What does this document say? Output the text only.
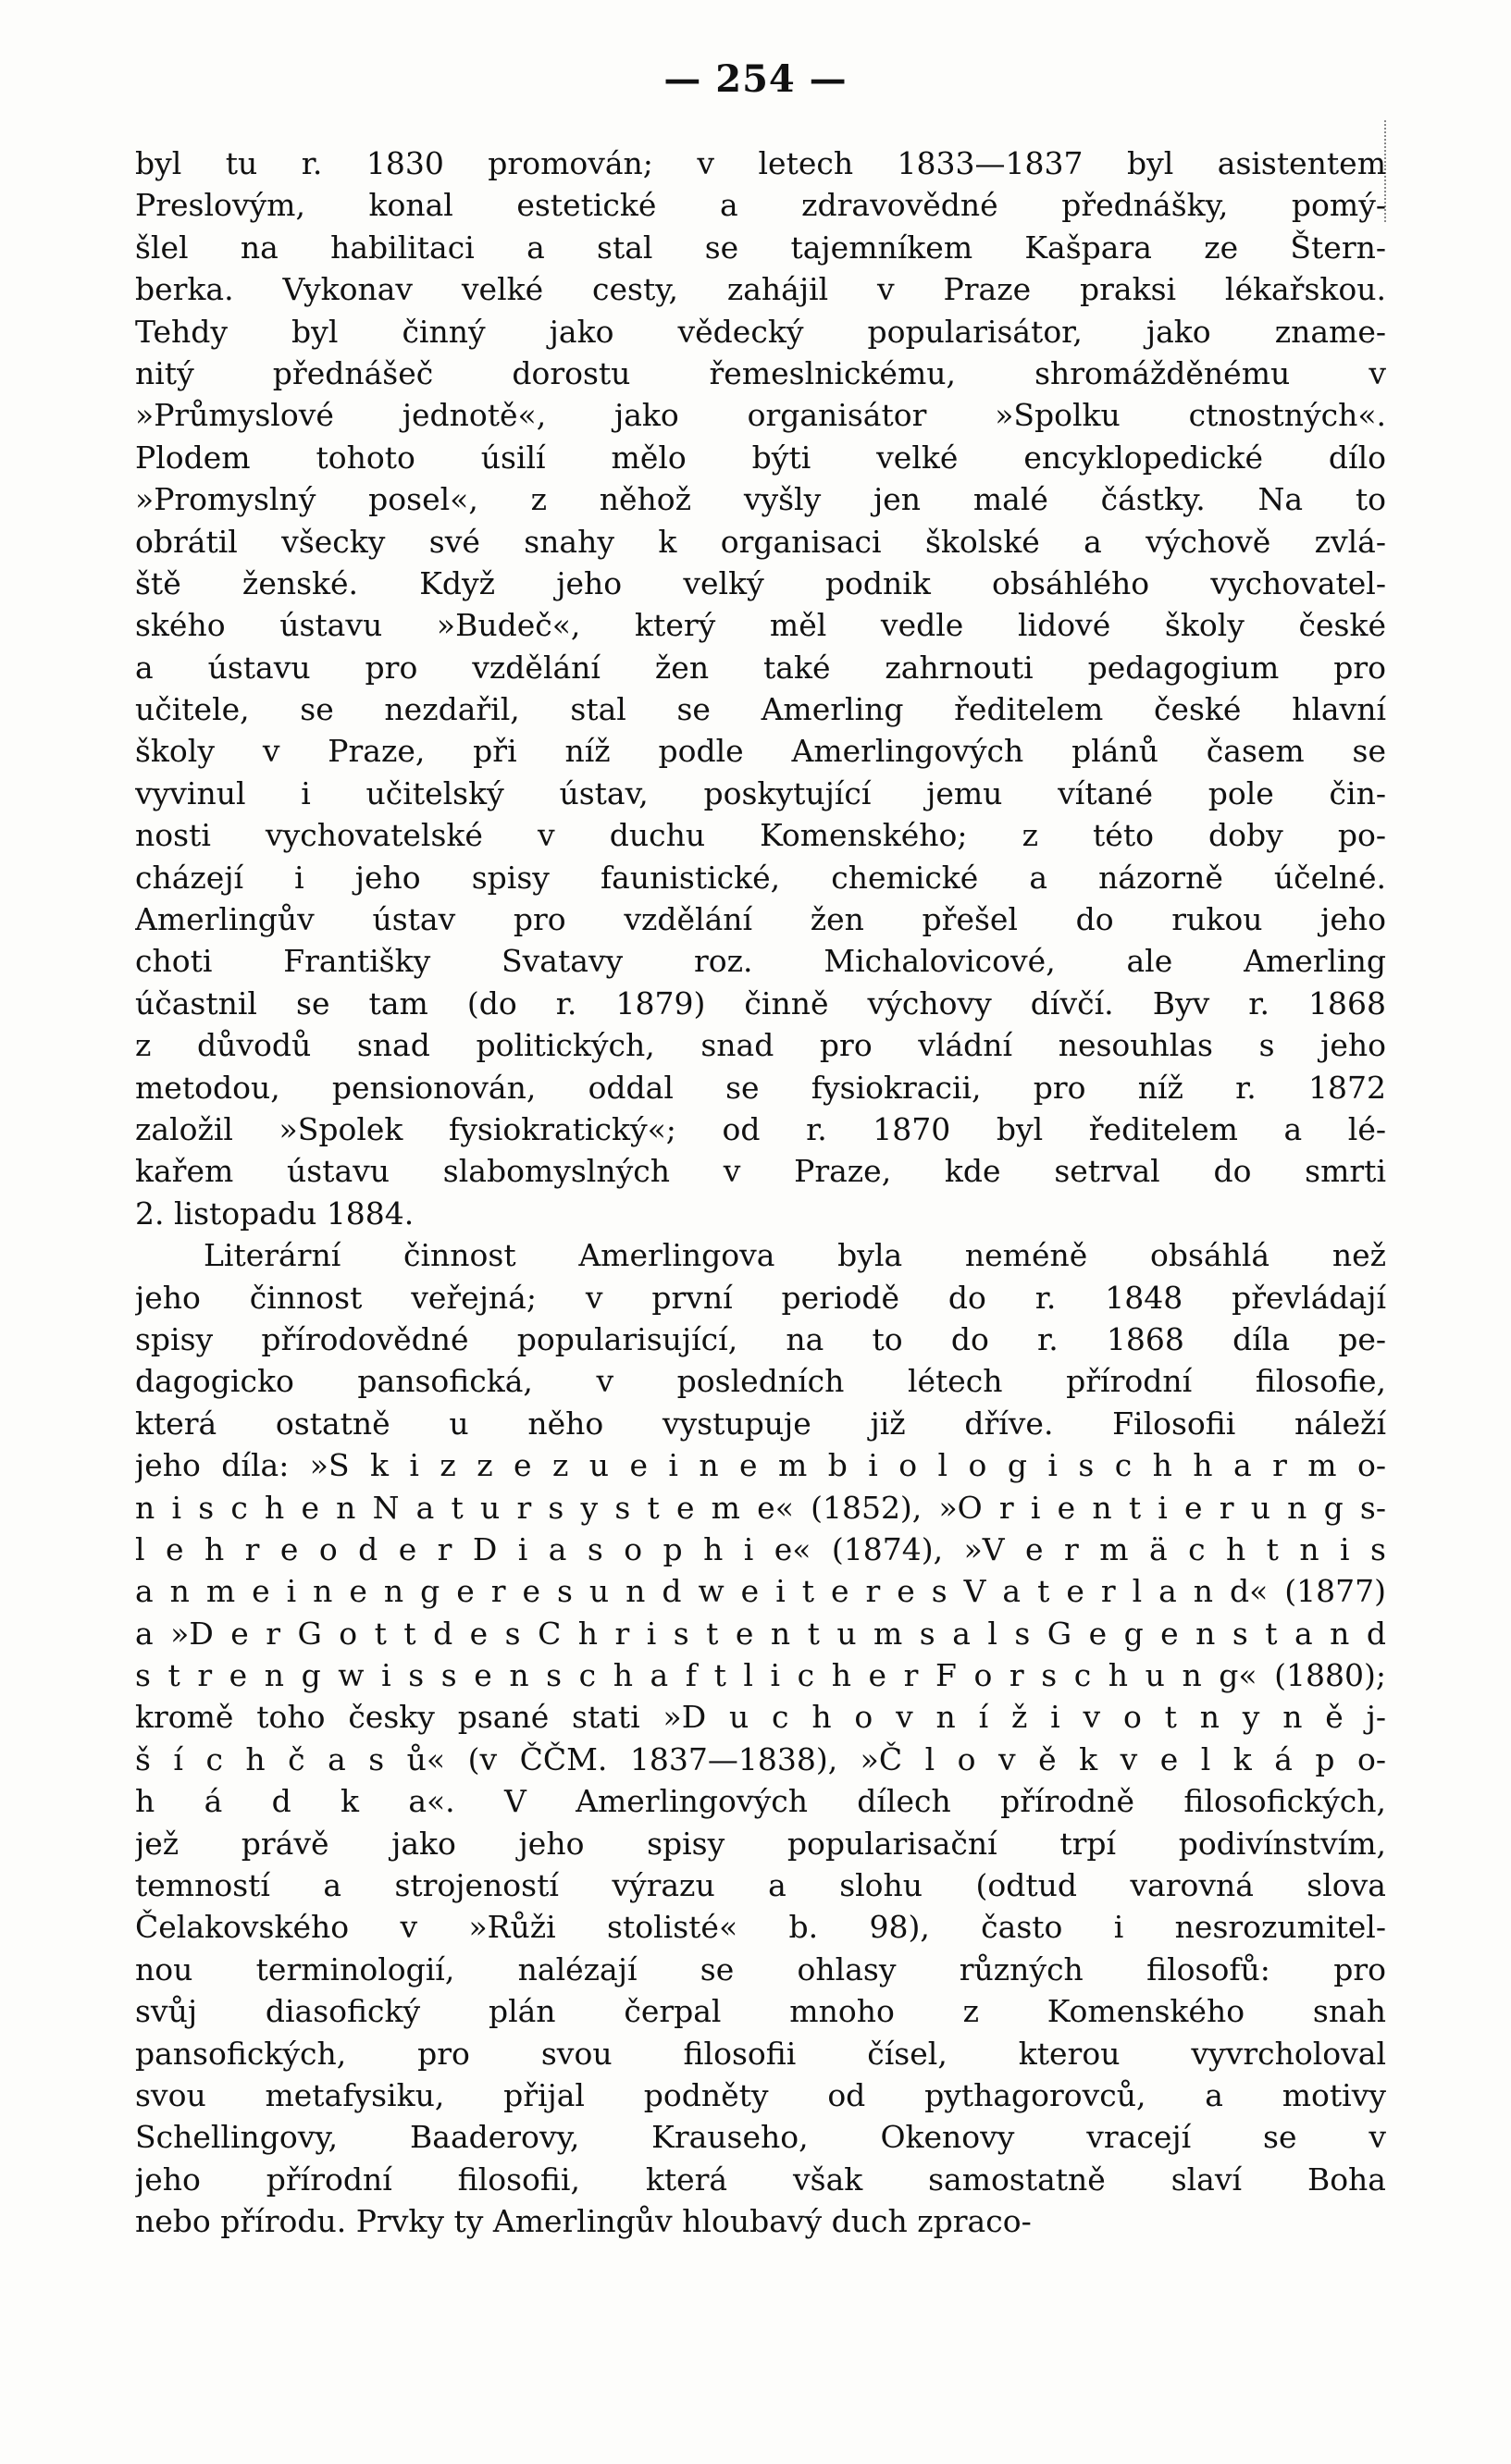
— 254 —
byl tu r. 1830 promován; v letech 1833—1837 byl asistentem
Preslovým, konal estetické a zdravovědné přednášky, pomý-
šlel na habilitaci a stal se tajemníkem Kašpara ze Štern-
berka. Vykonav velké cesty, zahájil v Praze praksi lékařskou.
Tehdy byl činný jako vědecký popularisátor, jako zname-
nitý přednášeč dorostu řemeslnickému, shromážděnému v
»Průmyslové jednotě«, jako organisátor »Spolku ctnostných«.
Plodem tohoto úsilí mělo býti velké encyklopedické dílo
»Promyslný posel«, z něhož vyšly jen malé částky. Na to
obrátil všecky své snahy k organisaci školské a výchově zvlá-
ště ženské. Když jeho velký podnik obsáhlého vychovatel-
ského ústavu »Budeč«, který měl vedle lidové školy české
a ústavu pro vzdělání žen také zahrnouti pedagogium pro
učitele, se nezdařil, stal se Amerling ředitelem české hlavní
školy v Praze, při níž podle Amerlingových plánů časem se
vyvinul i učitelský ústav, poskytující jemu vítané pole čin-
nosti vychovatelské v duchu Komenského; z této doby po-
cházejí i jeho spisy faunistické, chemické a názorně účelné.
Amerlingův ústav pro vzdělání žen přešel do rukou jeho
choti Františky Svatavy roz. Michalovicové, ale Amerling
účastnil se tam (do r. 1879) činně výchovy dívčí. Byv r. 1868
z důvodů snad politických, snad pro vládní nesouhlas s jeho
metodou, pensionován, oddal se fysiokracii, pro níž r. 1872
založil »Spolek fysiokratický«; od r. 1870 byl ředitelem a lé-
kařem ústavu slabomyslných v Praze, kde setrval do smrti
2. listopadu 1884.
Literární činnost Amerlingova byla neméně obsáhlá než
jeho činnost veřejná; v první periodě do r. 1848 převládají
spisy přírodovědné popularisující, na to do r. 1868 díla pe-
dagogicko pansofická, v posledních létech přírodní filosofie,
která ostatně u něho vystupuje již dříve. Filosofii náleží
jeho díla: »S k i z z e z u e i n e m b i o l o g i s c h h a r m o-
n i s c h e n N a t u r s y s t e m e« (1852), »O r i e n t i e r u n g s-
l e h r e o d e r D i a s o p h i e« (1874), »V e r m ä c h t n i s
a n m e i n e n g e r e s u n d w e i t e r e s V a t e r l a n d« (1877)
a »D e r G o t t d e s C h r i s t e n t u m s a l s G e g e n s t a n d
s t r e n g w i s s e n s c h a f t l i c h e r F o r s c h u n g« (1880);
kromě toho česky psané stati »D u c h o v n í ž i v o t n y n ě j-
š í c h č a s ů« (v ČČM. 1837—1838), »Č l o v ě k v e l k á p o-
h á d k a«. V Amerlingových dílech přírodně filosofických,
jež právě jako jeho spisy popularisační trpí podivínstvím,
temností a strojeností výrazu a slohu (odtud varovná slova
Čelakovského v »Růži stolisté« b. 98), často i nesrozumitel-
nou terminologií, nalézají se ohlasy různých filosofů: pro
svůj diasofický plán čerpal mnoho z Komenského snah
pansofických, pro svou filosofii čísel, kterou vyvrcholoval
svou metafysiku, přijal podněty od pythagorovců, a motivy
Schellingovy, Baaderovy, Krauseho, Okenovy vracejí se v
jeho přírodní filosofii, která však samostatně slaví Boha
nebo přírodu. Prvky ty Amerlingův hloubavý duch zpraco-
